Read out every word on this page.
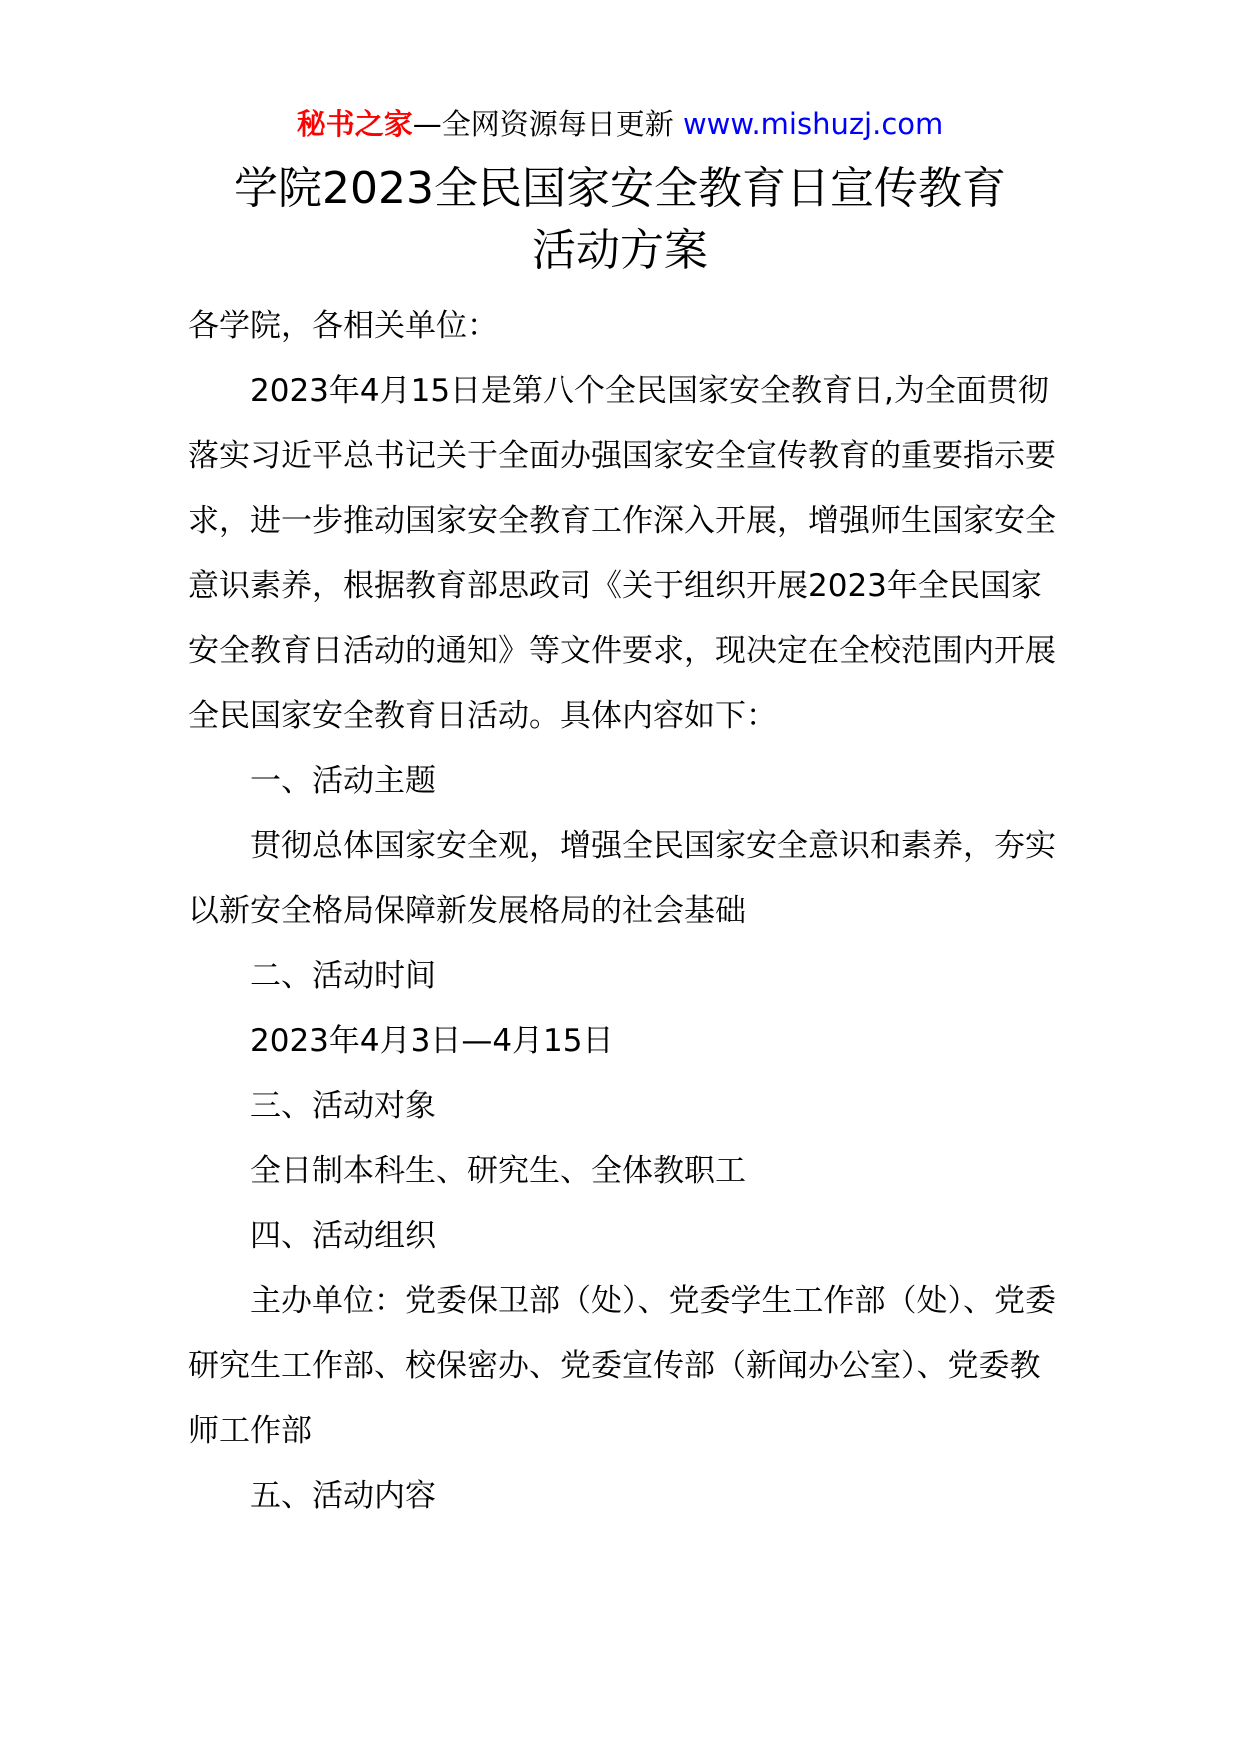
秘书之家—全网资源每日更新 www.mishuzj.com
学院2023全民国家安全教育日宣传教育
活动方案

各学院，各相关单位：

2023年4月15日是第八个全民国家安全教育日,为全面贯彻落实习近平总书记关于全面办强国家安全宣传教育的重要指示要求，进一步推动国家安全教育工作深入开展，增强师生国家安全意识素养，根据教育部思政司《关于组织开展2023年全民国家安全教育日活动的通知》等文件要求，现决定在全校范围内开展全民国家安全教育日活动。具体内容如下：

一、活动主题

贯彻总体国家安全观，增强全民国家安全意识和素养，夯实以新安全格局保障新发展格局的社会基础

二、活动时间

2023年4月3日—4月15日

三、活动对象

全日制本科生、研究生、全体教职工

四、活动组织

主办单位：党委保卫部（处）、党委学生工作部（处）、党委研究生工作部、校保密办、党委宣传部（新闻办公室）、党委教师工作部

五、活动内容
